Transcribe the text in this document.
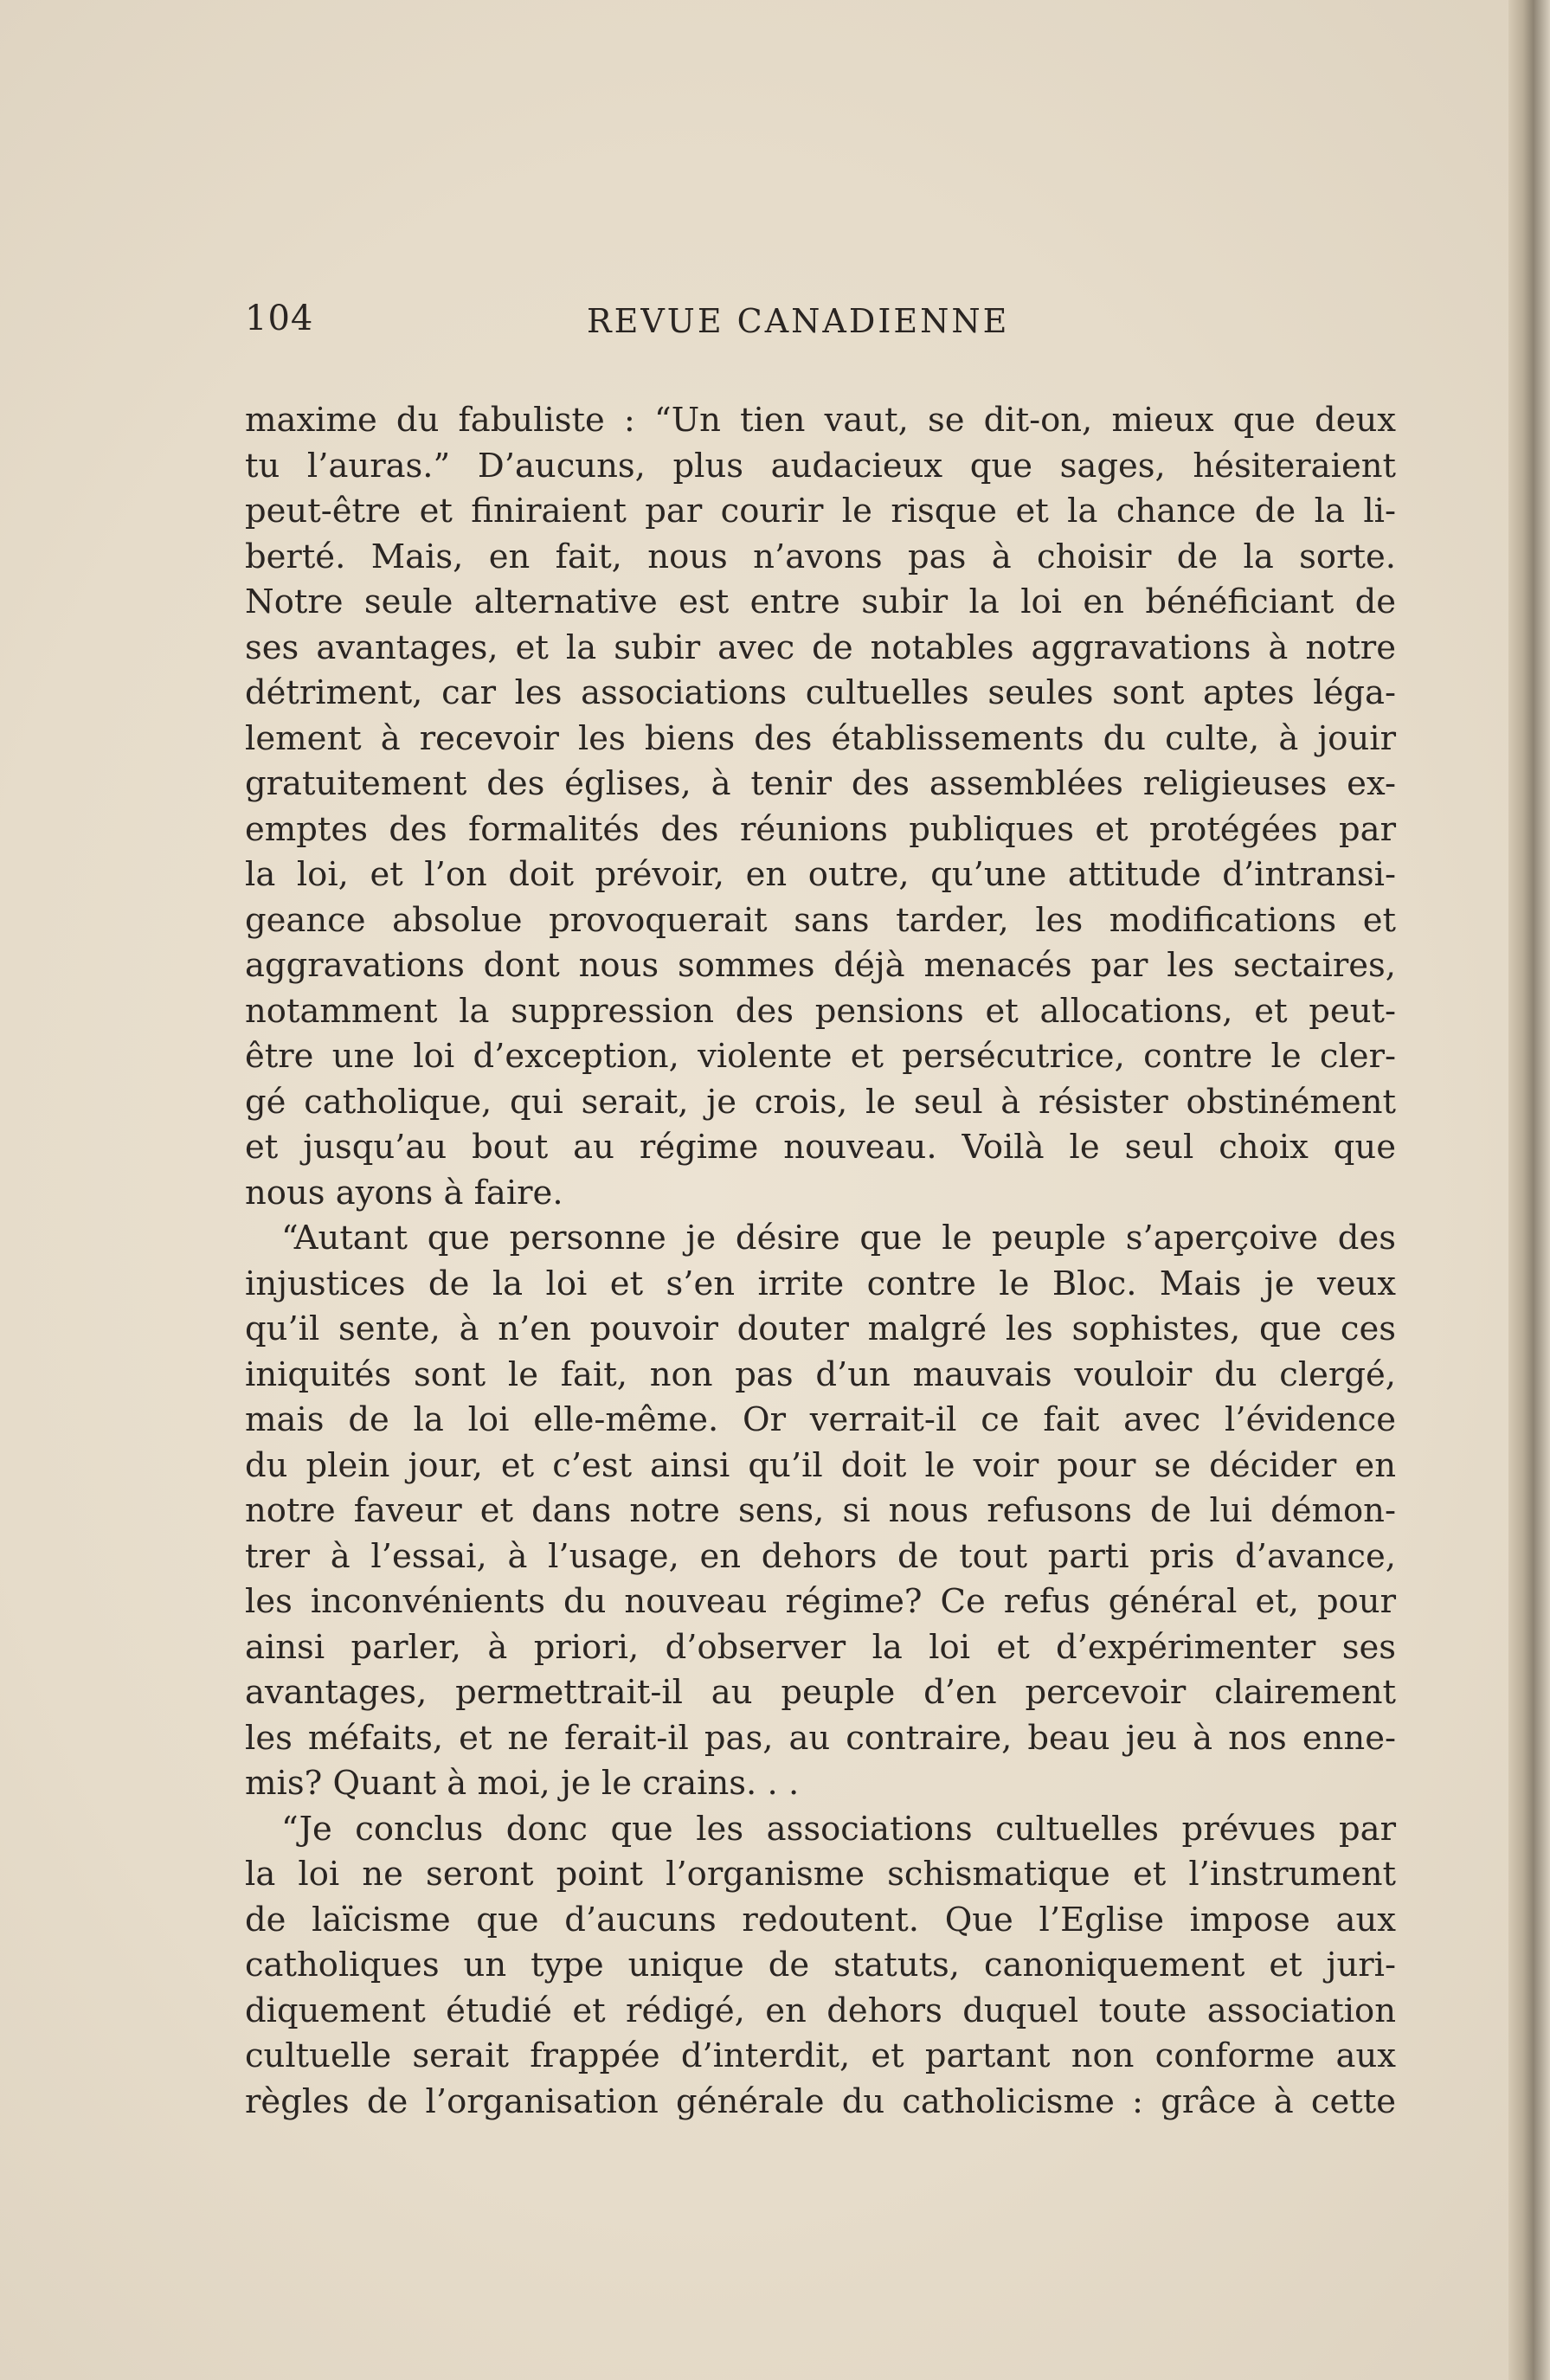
104	REVUE CANADIENNE

maxime du fabuliste : “Un tien vaut, se dit-on, mieux que deux

tu l’auras.” D’aucuns, plus audacieux que sages, hésiteraient

peut-être et finiraient par courir le risque et la chance de la li-

berté. Mais, en fait, nous n’avons pas à choisir de la sorte.

Notre seule alternative est entre subir la loi en bénéficiant de

ses avantages, et la subir avec de notables aggravations à notre

détriment, car les associations cultuelles seules sont aptes léga-

lement à recevoir les biens des établissements du culte, à jouir

gratuitement des églises, à tenir des assemblées religieuses ex-

emptes des formalités des réunions publiques et protégées par

la loi, et l’on doit prévoir, en outre, qu’une attitude d’intransi-

geance absolue provoquerait sans tarder, les modifications et

aggravations dont nous sommes déjà menacés par les sectaires,

notamment la suppression des pensions et allocations, et peut-

être une loi d’exception, violente et persécutrice, contre le cler-

gé catholique, qui serait, je crois, le seul à résister obstinément

et jusqu’au bout au régime nouveau. Voilà le seul choix que

nous ayons à faire.

“Autant que personne je désire que le peuple s’aperçoive des

injustices de la loi et s’en irrite contre le Bloc. Mais je veux

qu’il sente, à n’en pouvoir douter malgré les sophistes, que ces

iniquités sont le fait, non pas d’un mauvais vouloir du clergé,

mais de la loi elle-même. Or verrait-il ce fait avec l’évidence

du plein jour, et c’est ainsi qu’il doit le voir pour se décider en

notre faveur et dans notre sens, si nous refusons de lui démon-

trer à l’essai, à l’usage, en dehors de tout parti pris d’avance,

les inconvénients du nouveau régime? Ce refus général et, pour

ainsi parler, à priori, d’observer la loi et d’expérimenter ses

avantages, permettrait-il au peuple d’en percevoir clairement

les méfaits, et ne ferait-il pas, au contraire, beau jeu à nos enne-

mis? Quant à moi, je le crains. . .

“Je conclus donc que les associations cultuelles prévues par

la loi ne seront point l’organisme schismatique et l’instrument

de laïcisme que d’aucuns redoutent. Que l’Eglise impose aux

catholiques un type unique de statuts, canoniquement et juri-

diquement étudié et rédigé, en dehors duquel toute association

cultuelle serait frappée d’interdit, et partant non conforme aux

règles de l’organisation générale du catholicisme : grâce à cette
